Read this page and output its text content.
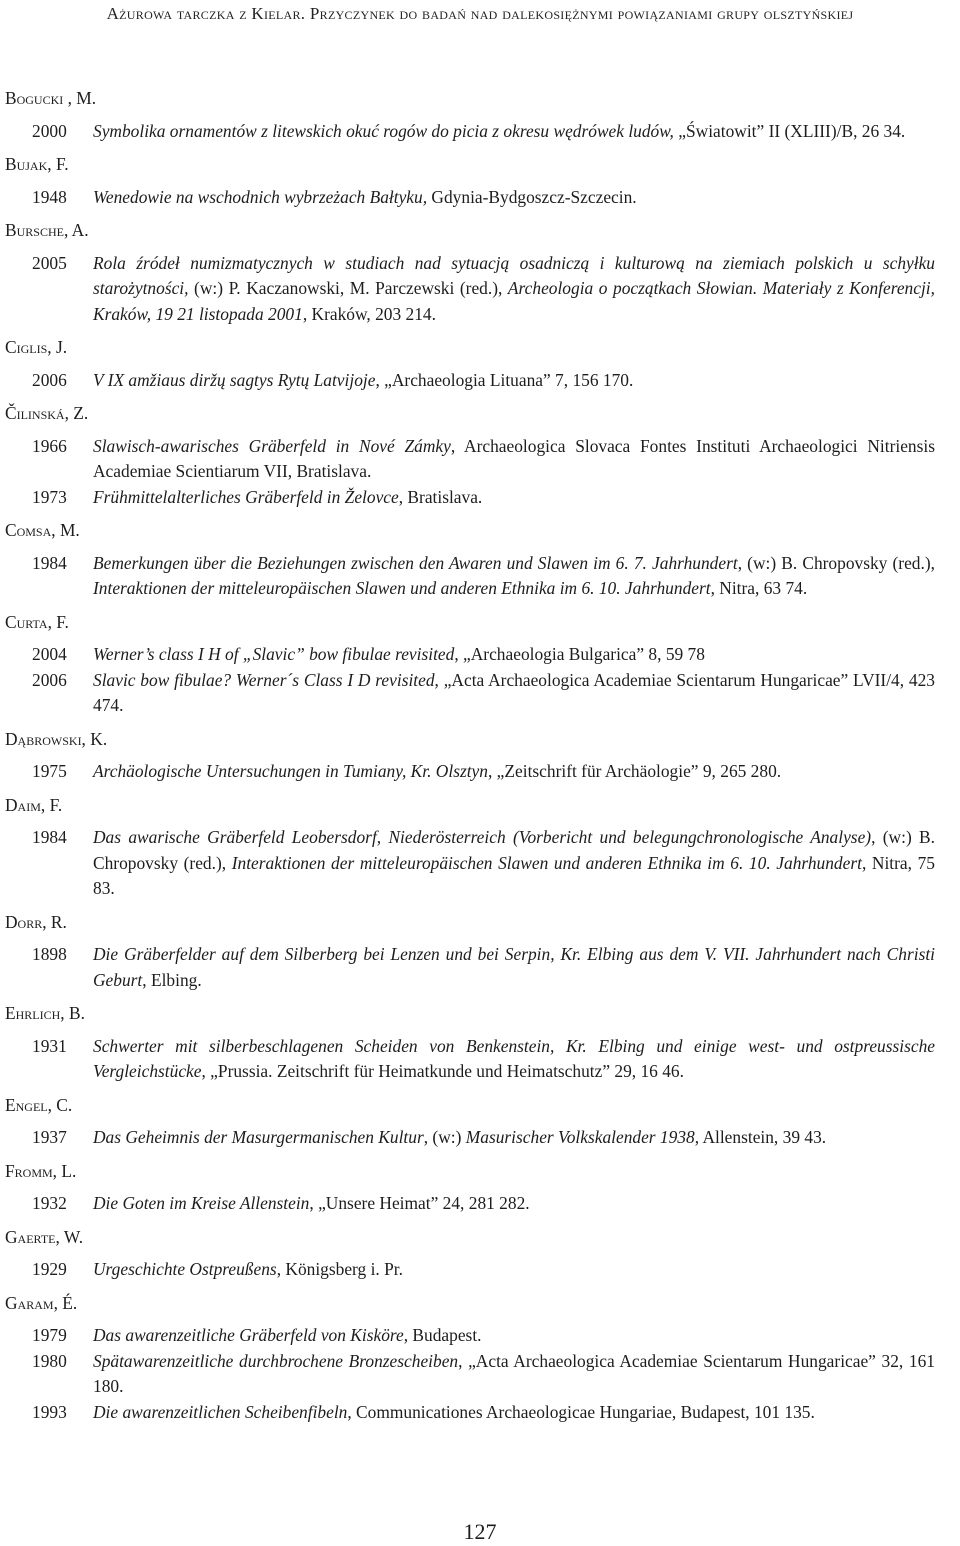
Ażurowa tarczka z Kielar. Przyczynek do badań nad dalekosiężnymi powiązaniami grupy olsztyńskiej
Bogucki , M.
2000	Symbolika ornamentów z litewskich okuć rogów do picia z okresu wędrówek ludów, „Światowit” II (XLIII)/B, 26 34.
Bujak, F.
1948	Wenedowie na wschodnich wybrzeżach Bałtyku, Gdynia-Bydgoszcz-Szczecin.
Bursche, A.
2005	Rola źródeł numizmatycznych w studiach nad sytuacją osadniczą i kulturową na ziemiach polskich u schyłku starożytności, (w:) P. Kaczanowski, M. Parczewski (red.), Archeologia o początkach Słowian. Materiały z Konferencji, Kraków, 19 21 listopada 2001, Kraków, 203 214.
Ciglis, J.
2006	V IX amžiaus diržų sagtys Rytų Latvijoje, „Archaeologia Lituana” 7, 156 170.
Čilinská, Z.
1966	Slawisch-awarisches Gräberfeld in Nové Zámky, Archaeologica Slovaca Fontes Instituti Archaeologici Nitriensis Academiae Scientiarum VII, Bratislava.
1973	Frühmittelalterliches Gräberfeld in Želovce, Bratislava.
Comsa, M.
1984	Bemerkungen über die Beziehungen zwischen den Awaren und Slawen im 6. 7. Jahrhundert, (w:) B. Chropovsky (red.), Interaktionen der mitteleuropäischen Slawen und anderen Ethnika im 6. 10. Jahrhundert, Nitra, 63 74.
Curta, F.
2004	Werner’s class I H of „Slavic” bow fibulae revisited, „Archaeologia Bulgarica” 8, 59 78
2006	Slavic bow fibulae? Werner´s Class I D revisited, „Acta Archaeologica Academiae Scientarum Hungaricae” LVII/4, 423 474.
Dąbrowski, K.
1975	Archäologische Untersuchungen in Tumiany, Kr. Olsztyn, „Zeitschrift für Archäologie” 9, 265 280.
Daim, F.
1984	Das awarische Gräberfeld Leobersdorf, Niederösterreich (Vorbericht und belegungchronologische Analyse), (w:) B. Chropovsky (red.), Interaktionen der mitteleuropäischen Slawen und anderen Ethnika im 6. 10. Jahrhundert, Nitra, 75 83.
Dorr, R.
1898	Die Gräberfelder auf dem Silberberg bei Lenzen und bei Serpin, Kr. Elbing aus dem V. VII. Jahrhundert nach Christi Geburt, Elbing.
Ehrlich, B.
1931	Schwerter mit silberbeschlagenen Scheiden von Benkenstein, Kr. Elbing und einige west- und ostpreussische Vergleichstücke, „Prussia. Zeitschrift für Heimatkunde und Heimatschutz” 29, 16 46.
Engel, C.
1937	Das Geheimnis der Masurgermanischen Kultur, (w:) Masurischer Volkskalender 1938, Allenstein, 39 43.
Fromm, L.
1932	Die Goten im Kreise Allenstein, „Unsere Heimat” 24, 281 282.
Gaerte, W.
1929	Urgeschichte Ostpreußens, Königsberg i. Pr.
Garam, É.
1979	Das awarenzeitliche Gräberfeld von Kisköre, Budapest.
1980	Spätawarenzeitliche durchbrochene Bronzescheiben, „Acta Archaeologica Academiae Scientarum Hungaricae” 32, 161 180.
1993	Die awarenzeitlichen Scheibenfibeln, Communicationes Archaeologicae Hungariae, Budapest, 101 135.
127
